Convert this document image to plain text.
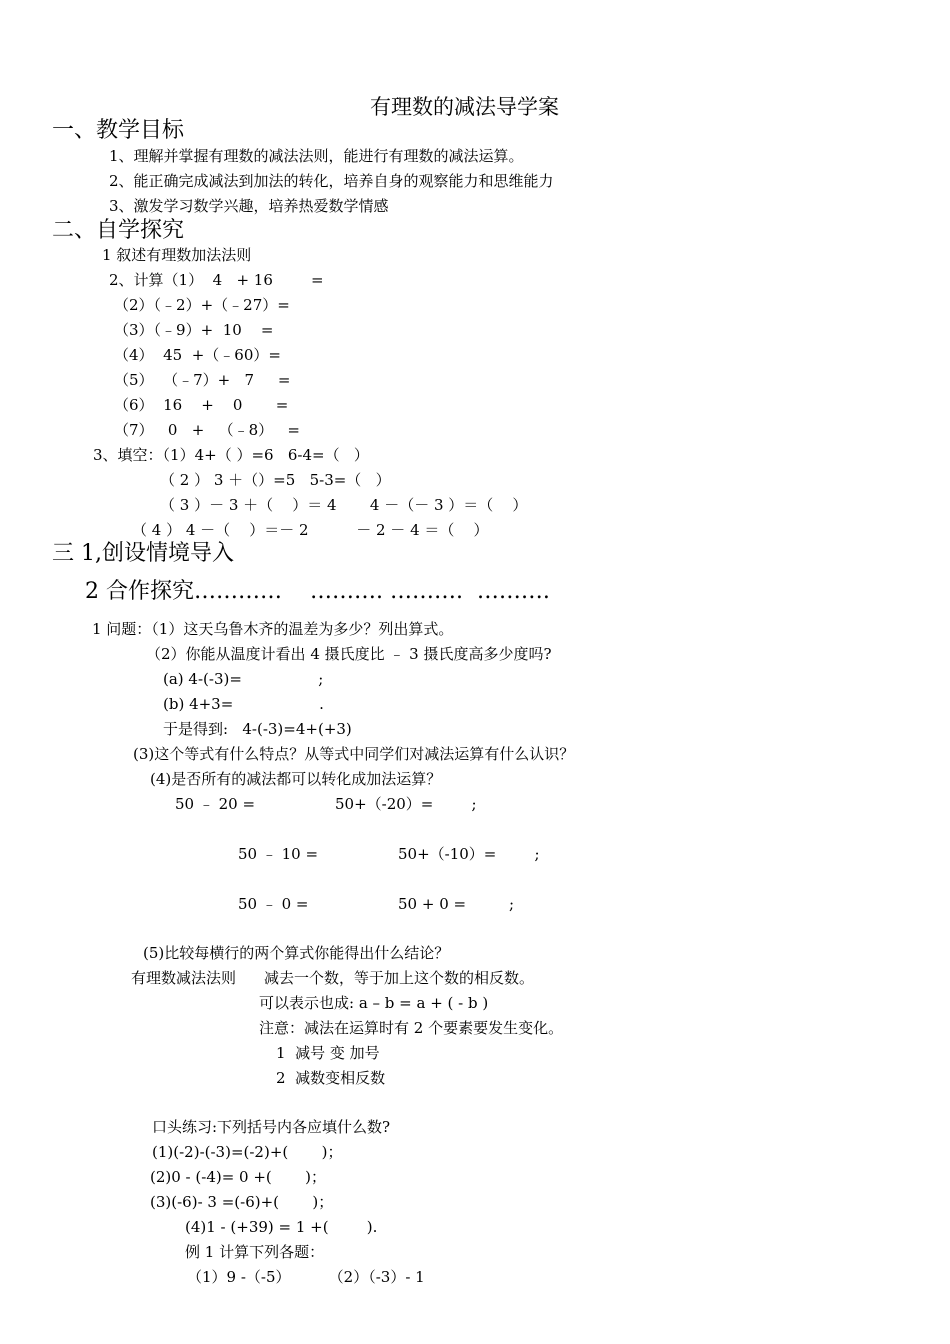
有理数的减法导学案
一、教学目标
1、理解并掌握有理数的减法法则，能进行有理数的减法运算。
2、能正确完成减法到加法的转化，培养自身的观察能力和思维能力
3、激发学习数学兴趣，培养热爱数学情感
二、自学探究
1 叙述有理数加法法则
2、计算（1）  4   + 16        =
（2）（﹣2）+（﹣27）=
（3）（﹣9）+  10    =
（4）  45  +（﹣60）=
（5）  （﹣7）+   7     =
（6）  16    +    0       =
（7）   0   +   （﹣8）   =
3、填空：（1）4+（ ）=6   6-4=（   ）
（ 2 ） 3 ＋（）=5   5-3=（   ）
（ 3 ）－ 3 ＋（    ）＝ 4       4 －（－ 3 ）＝（    ）
（ 4 ） 4 －（    ）＝－ 2          － 2 － 4 ＝（    ）
三 1,创设情境导入
2 合作探究…………    ………. ……….  ……….
1 问题：（1）这天乌鲁木齐的温差为多少？列出算式。
（2）你能从温度计看出 4 摄氏度比 ﹣ 3 摄氏度高多少度吗?
(a) 4-(-3)=                ;
(b) 4+3=                  .
于是得到:   4-(-3)=4+(+3)
(3)这个等式有什么特点？从等式中同学们对减法运算有什么认识？
(4)是否所有的减法都可以转化成加法运算？
50 ﹣ 20 =	50+（-20）=        ;
50 ﹣ 10 =	50+（-10）=        ;
50 ﹣ 0 =	50 + 0 =         ;
(5)比较每横行的两个算式你能得出什么结论？
有理数减法法则 减去一个数，等于加上这个数的相反数。
可以表示也成: a – b = a + ( - b )
注意：减法在运算时有 2 个要素要发生变化。
1  减号 变 加号
2  减数变相反数
口头练习:下列括号内各应填什么数?
(1)(-2)-(-3)=(-2)+(       )；
(2)0 - (-4)= 0 +(       )；
(3)(-6)- 3 =(-6)+(       )；
(4)1 - (+39) = 1 +(        ).
例 1 计算下列各题：
（1）9 -（-5）        （2）（-3）- 1
